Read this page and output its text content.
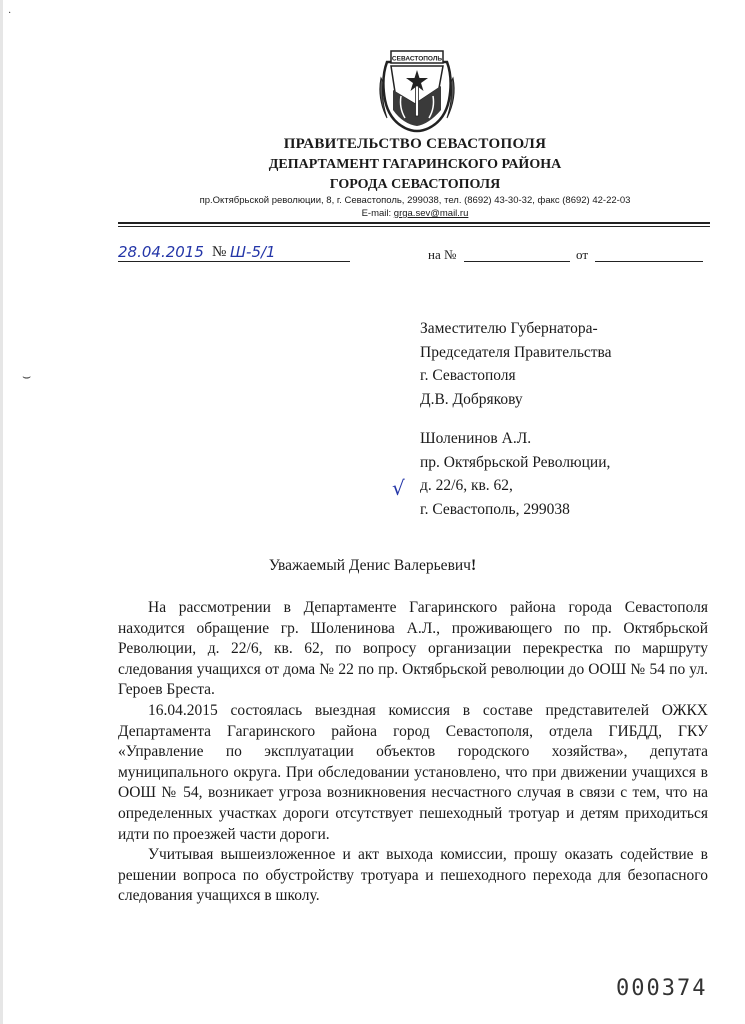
⌣
·
СЕВАСТОПОЛЬ
ПРАВИТЕЛЬСТВО СЕВАСТОПОЛЯ
ДЕПАРТАМЕНТ ГАГАРИНСКОГО РАЙОНА
ГОРОДА СЕВАСТОПОЛЯ
пр.Октябрьской революции, 8, г. Севастополь, 299038, тел. (8692) 43-30-32, факс (8692) 42-22-03
E-mail: grga.sev@mail.ru
28.04.2015 № Ш-5/1	на №	от
Заместителю Губернатора-
Председателя Правительства
г. Севастополя
Д.В. Добрякову
√
Шоленинов А.Л.
пр. Октябрьской Революции,
д. 22/6, кв. 62,
г. Севастополь, 299038
Уважаемый Денис Валерьевич!

На рассмотрении в Департаменте Гагаринского района города Севастополя находится обращение гр. Шоленинова А.Л., проживающего по пр. Октябрьской Революции, д. 22/6, кв. 62, по вопросу организации перекрестка по маршруту следования учащихся от дома № 22 по пр. Октябрьской революции до ООШ № 54 по ул. Героев Бреста.

16.04.2015 состоялась выездная комиссия в составе представителей ОЖКХ Департамента Гагаринского района город Севастополя, отдела ГИБДД, ГКУ «Управление по эксплуатации объектов городского хозяйства», депутата муниципального округа. При обследовании установлено, что при движении учащихся в ООШ № 54, возникает угроза возникновения несчастного случая в связи с тем, что на определенных участках дороги отсутствует пешеходный тротуар и детям приходиться идти по проезжей части дороги.

Учитывая вышеизложенное и акт выхода комиссии, прошу оказать содействие в решении вопроса по обустройству тротуара и пешеходного перехода для безопасного следования учащихся в школу.

000374
